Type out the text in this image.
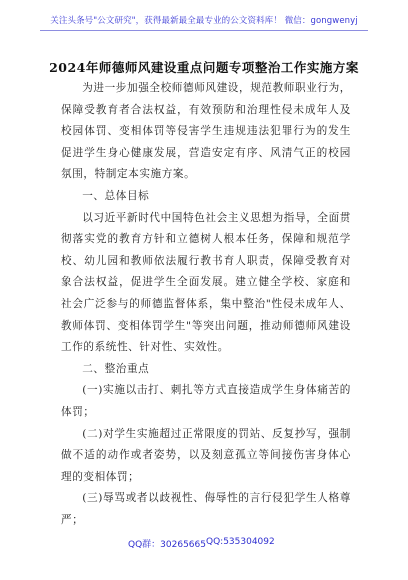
关注头条号"公文研究"，获得最新最全最专业的公文资料库！ 微信：gongwenyj
2024年师德师风建设重点问题专项整治工作实施方案

为进一步加强全校师德师风建设，规范教师职业行为，保障受教育者合法权益，有效预防和治理性侵未成年人及校园体罚、变相体罚等侵害学生违规违法犯罪行为的发生促进学生身心健康发展，营造安定有序、风清气正的校园氛围，特制定本实施方案。

一、总体目标

以习近平新时代中国特色社会主义思想为指导，全面贯彻落实党的教育方针和立德树人根本任务，保障和规范学校、幼儿园和教师依法履行教书育人职责，保障受教育对象合法权益，促进学生全面发展。建立健全学校、家庭和社会广泛参与的师德监督体系，集中整治"性侵未成年人、教师体罚、变相体罚学生"等突出问题，推动师德师风建设工作的系统性、针对性、实效性。

二、整治重点

(一)实施以击打、刺扎等方式直接造成学生身体痛苦的体罚；

(二)对学生实施超过正常限度的罚站、反复抄写，强制做不适的动作或者姿势，以及刻意孤立等间接伤害身体心理的变相体罚；

(三)辱骂或者以歧视性、侮辱性的言行侵犯学生人格尊严；

QQ群：30265665 QQ:535304092
